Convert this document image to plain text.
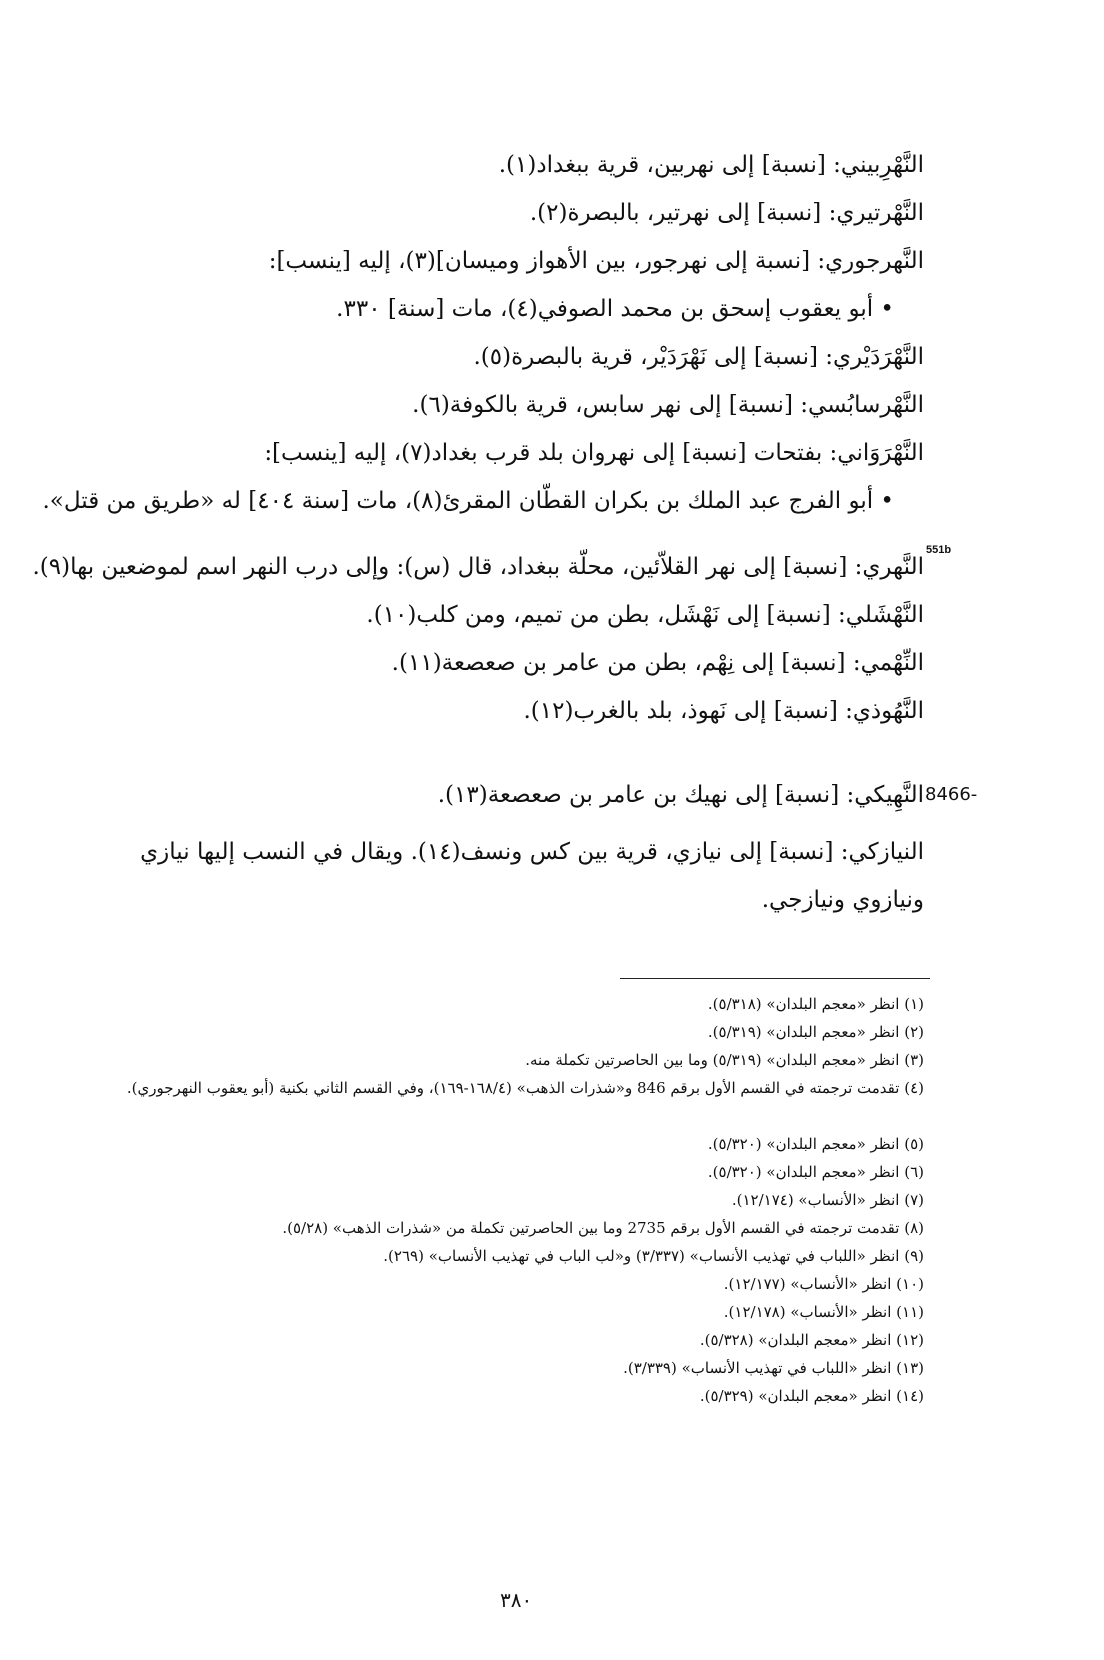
النَّهْرِبيني: [نسبة] إلى نهربين، قرية ببغداد(١).
النَّهْرتيري: [نسبة] إلى نهرتير، بالبصرة(٢).
النَّهرجوري: [نسبة إلى نهرجور، بين الأهواز وميسان](٣)، إليه [ينسب]:
• أبو يعقوب إسحق بن محمد الصوفي(٤)، مات [سنة] ٣٣٠.
النَّهْرَدَيْري: [نسبة] إلى نَهْرَدَيْر، قرية بالبصرة(٥).
النَّهْرسابُسي: [نسبة] إلى نهر سابس، قرية بالكوفة(٦).
النَّهْرَوَاني: بفتحات [نسبة] إلى نهروان بلد قرب بغداد(٧)، إليه [ينسب]:
• أبو الفرج عبد الملك بن بكران القطّان المقرئ(٨)، مات [سنة ٤٠٤] له «طريق من قتل».
551b
النَّهري: [نسبة] إلى نهر القلاّئين، محلّة ببغداد، قال (س): وإلى درب النهر اسم لموضعين بها(٩).
النَّهْشَلي: [نسبة] إلى نَهْشَل، بطن من تميم، ومن كلب(١٠).
النِّهْمي: [نسبة] إلى نِهْم، بطن من عامر بن صعصعة(١١).
النَّهُوذي: [نسبة] إلى نَهوذ، بلد بالغرب(١٢).
8466-
النَّهِيكي: [نسبة] إلى نهيك بن عامر بن صعصعة(١٣).
النيازكي: [نسبة] إلى نيازي، قرية بين كس ونسف(١٤). ويقال في النسب إليها نيازي ونيازوي ونيازجي.
(١) انظر «معجم البلدان» (٥/٣١٨).
(٢) انظر «معجم البلدان» (٥/٣١٩).
(٣) انظر «معجم البلدان» (٥/٣١٩) وما بين الحاصرتين تكملة منه.
(٤) تقدمت ترجمته في القسم الأول برقم 846 و«شذرات الذهب» (١٦٨/٤-١٦٩)، وفي القسم الثاني بكنية (أبو يعقوب النهرجوري).
(٥) انظر «معجم البلدان» (٥/٣٢٠).
(٦) انظر «معجم البلدان» (٥/٣٢٠).
(٧) انظر «الأنساب» (١٢/١٧٤).
(٨) تقدمت ترجمته في القسم الأول برقم 2735 وما بين الحاصرتين تكملة من «شذرات الذهب» (٥/٢٨).
(٩) انظر «اللباب في تهذيب الأنساب» (٣/٣٣٧) و«لب الباب في تهذيب الأنساب» (٢٦٩).
(١٠) انظر «الأنساب» (١٢/١٧٧).
(١١) انظر «الأنساب» (١٢/١٧٨).
(١٢) انظر «معجم البلدان» (٥/٣٢٨).
(١٣) انظر «اللباب في تهذيب الأنساب» (٣/٣٣٩).
(١٤) انظر «معجم البلدان» (٥/٣٢٩).
٣٨٠
